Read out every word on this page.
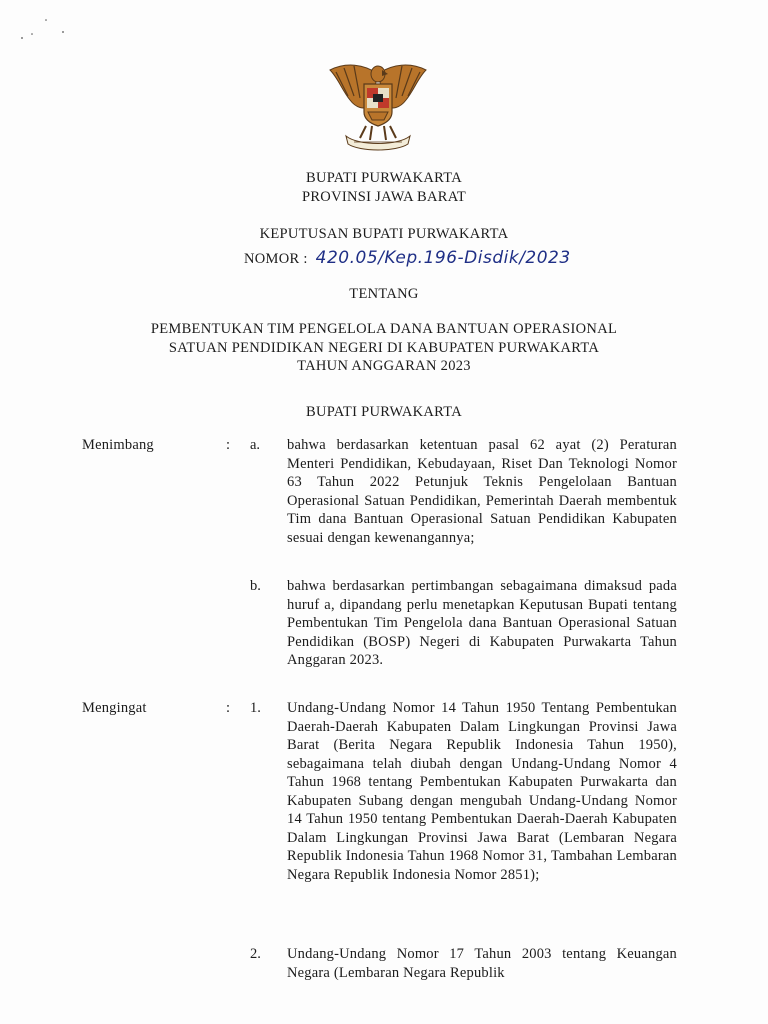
BUPATI PURWAKARTA
PROVINSI JAWA BARAT
KEPUTUSAN BUPATI PURWAKARTA
NOMOR : 420.05/Kep.196-Disdik/2023
TENTANG
PEMBENTUKAN TIM PENGELOLA DANA BANTUAN OPERASIONAL
SATUAN PENDIDIKAN NEGERI DI KABUPATEN PURWAKARTA
TAHUN ANGGARAN 2023
BUPATI PURWAKARTA
Menimbang	: a. bahwa berdasarkan ketentuan pasal 62 ayat (2) Peraturan Menteri Pendidikan, Kebudayaan, Riset Dan Teknologi Nomor 63 Tahun 2022 Petunjuk Teknis Pengelolaan Bantuan Operasional Satuan Pendidikan, Pemerintah Daerah membentuk Tim dana Bantuan Operasional Satuan Pendidikan Kabupaten sesuai dengan kewenangannya;
b. bahwa berdasarkan pertimbangan sebagaimana dimaksud pada huruf a, dipandang perlu menetapkan Keputusan Bupati tentang Pembentukan Tim Pengelola dana Bantuan Operasional Satuan Pendidikan (BOSP) Negeri di Kabupaten Purwakarta Tahun Anggaran 2023.
Mengingat	: 1. Undang-Undang Nomor 14 Tahun 1950 Tentang Pembentukan Daerah-Daerah Kabupaten Dalam Lingkungan Provinsi Jawa Barat (Berita Negara Republik Indonesia Tahun 1950), sebagaimana telah diubah dengan Undang-Undang Nomor 4 Tahun 1968 tentang Pembentukan Kabupaten Purwakarta dan Kabupaten Subang dengan mengubah Undang-Undang Nomor 14 Tahun 1950 tentang Pembentukan Daerah-Daerah Kabupaten Dalam Lingkungan Provinsi Jawa Barat (Lembaran Negara Republik Indonesia Tahun 1968 Nomor 31, Tambahan Lembaran Negara Republik Indonesia Nomor 2851);
2. Undang-Undang Nomor 17 Tahun 2003 tentang Keuangan Negara (Lembaran Negara Republik
